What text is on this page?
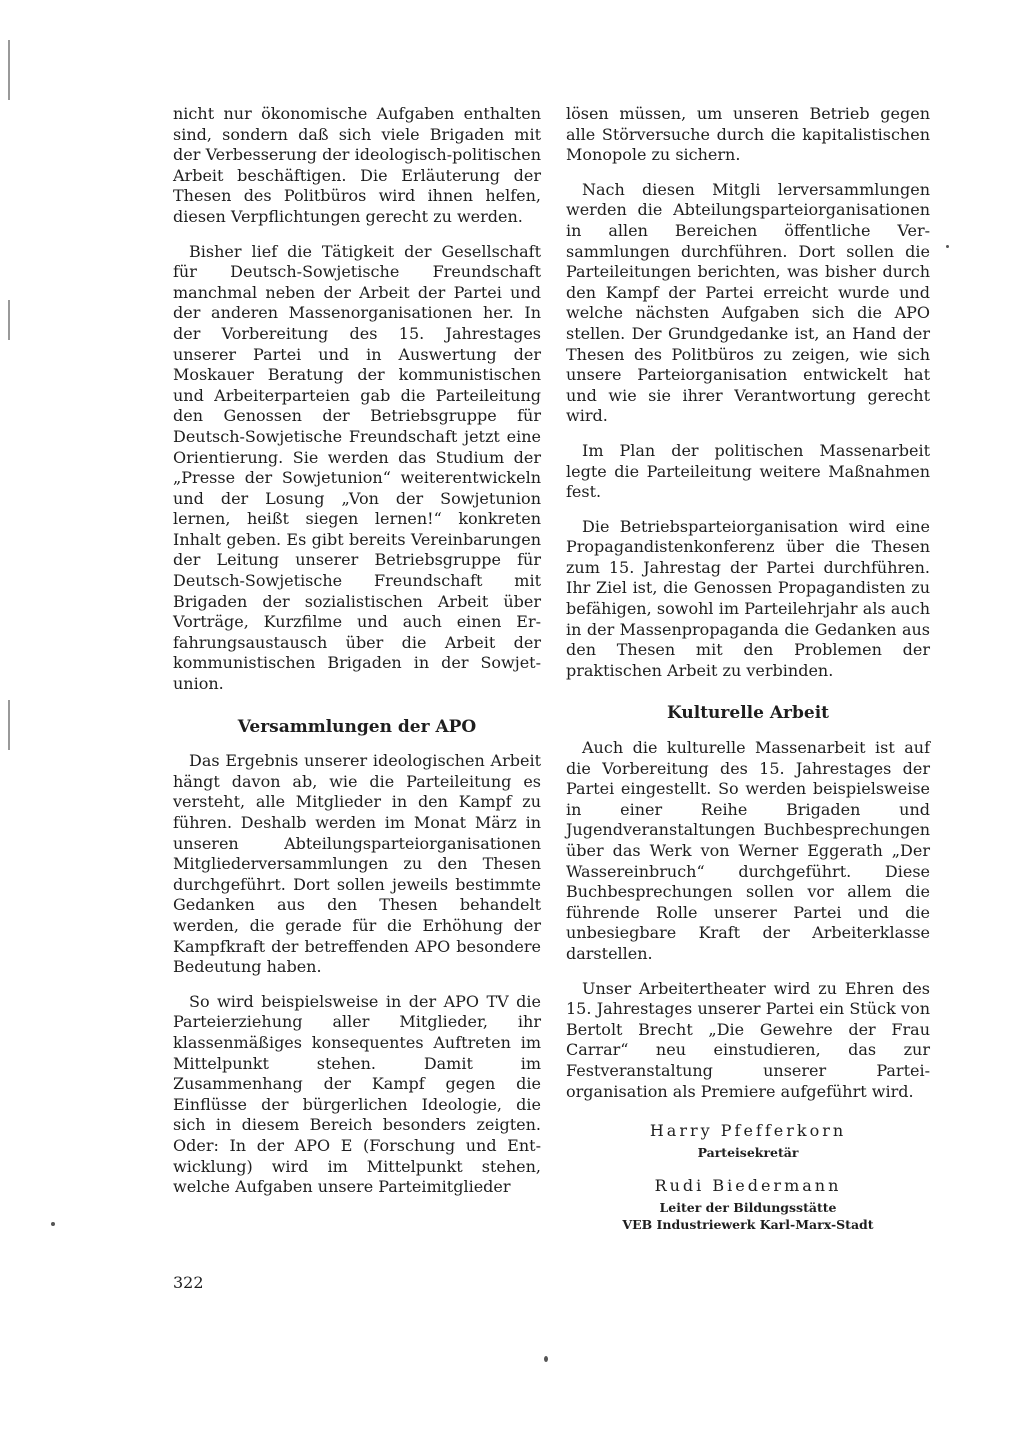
nicht nur ökonomische Aufgaben enthalten sind, sondern daß sich viele Brigaden mit der Verbesserung der ideologisch-politischen Arbeit beschäftigen. Die Erläuterung der Thesen des Politbüros wird ihnen helfen, diesen Verpflichtungen gerecht zu werden.

Bisher lief die Tätigkeit der Gesellschaft für Deutsch-Sowjetische Freundschaft manchmal neben der Arbeit der Partei und der anderen Massenorganisationen her. In der Vorbereitung des 15. Jahrestages unserer Partei und in Auswertung der Moskauer Beratung der kommunistischen und Arbeiterparteien gab die Parteileitung den Genossen der Betriebsgruppe für Deutsch-Sowjetische Freundschaft jetzt eine Orientierung. Sie werden das Studium der „Presse der Sowjetunion“ weiterentwickeln und der Losung „Von der Sowjetunion lernen, heißt siegen lernen!“ konkreten Inhalt geben. Es gibt bereits Vereinbarungen der Leitung unserer Betriebsgruppe für Deutsch-Sowjetische Freundschaft mit Brigaden der sozialistischen Arbeit über Vorträge, Kurzfilme und auch einen Erfahrungsaustausch über die Arbeit der kommunistischen Brigaden in der Sowjetunion.

Versammlungen der APO

Das Ergebnis unserer ideologischen Arbeit hängt davon ab, wie die Parteileitung es versteht, alle Mitglieder in den Kampf zu führen. Deshalb werden im Monat März in unseren Abteilungsparteiorganisationen Mitgliederversammlungen zu den Thesen durchgeführt. Dort sollen jeweils bestimmte Gedanken aus den Thesen behandelt werden, die gerade für die Erhöhung der Kampfkraft der betreffenden APO besondere Bedeutung haben.

So wird beispielsweise in der APO TV die Parteierziehung aller Mitglieder, ihr klassenmäßiges konsequentes Auftreten im Mittelpunkt stehen. Damit im Zusammenhang der Kampf gegen die Einflüsse der bürgerlichen Ideologie, die sich in diesem Bereich besonders zeigten. Oder: In der APO E (Forschung und Entwicklung) wird im Mittelpunkt stehen, welche Aufgaben unsere Parteimitglieder

lösen müssen, um unseren Betrieb gegen alle Störversuche durch die kapitalistischen Monopole zu sichern.

Nach diesen Mitgli lerversammlungen werden die Abteilungsparteiorganisationen in allen Bereichen öffentliche Versammlungen durchführen. Dort sollen die Parteileitungen berichten, was bisher durch den Kampf der Partei erreicht wurde und welche nächsten Aufgaben sich die APO stellen. Der Grundgedanke ist, an Hand der Thesen des Politbüros zu zeigen, wie sich unsere Parteiorganisation entwickelt hat und wie sie ihrer Verantwortung gerecht wird.

Im Plan der politischen Massenarbeit legte die Parteileitung weitere Maßnahmen fest.

Die Betriebsparteiorganisation wird eine Propagandistenkonferenz über die Thesen zum 15. Jahrestag der Partei durchführen. Ihr Ziel ist, die Genossen Propagandisten zu befähigen, sowohl im Parteilehrjahr als auch in der Massenpropaganda die Gedanken aus den Thesen mit den Problemen der praktischen Arbeit zu verbinden.

Kulturelle Arbeit

Auch die kulturelle Massenarbeit ist auf die Vorbereitung des 15. Jahrestages der Partei eingestellt. So werden beispielsweise in einer Reihe Brigaden und Jugendveranstaltungen Buchbesprechungen über das Werk von Werner Eggerath „Der Wassereinbruch“ durchgeführt. Diese Buchbesprechungen sollen vor allem die führende Rolle unserer Partei und die unbesiegbare Kraft der Arbeiterklasse darstellen.

Unser Arbeitertheater wird zu Ehren des 15. Jahrestages unserer Partei ein Stück von Bertolt Brecht „Die Gewehre der Frau Carrar“ neu einstudieren, das zur Festveranstaltung unserer Parteiorganisation als Premiere aufgeführt wird.

Harry Pfefferkorn
Parteisekretär
Rudi Biedermann
Leiter der Bildungsstätte
VEB Industriewerk Karl-Marx-Stadt
322
